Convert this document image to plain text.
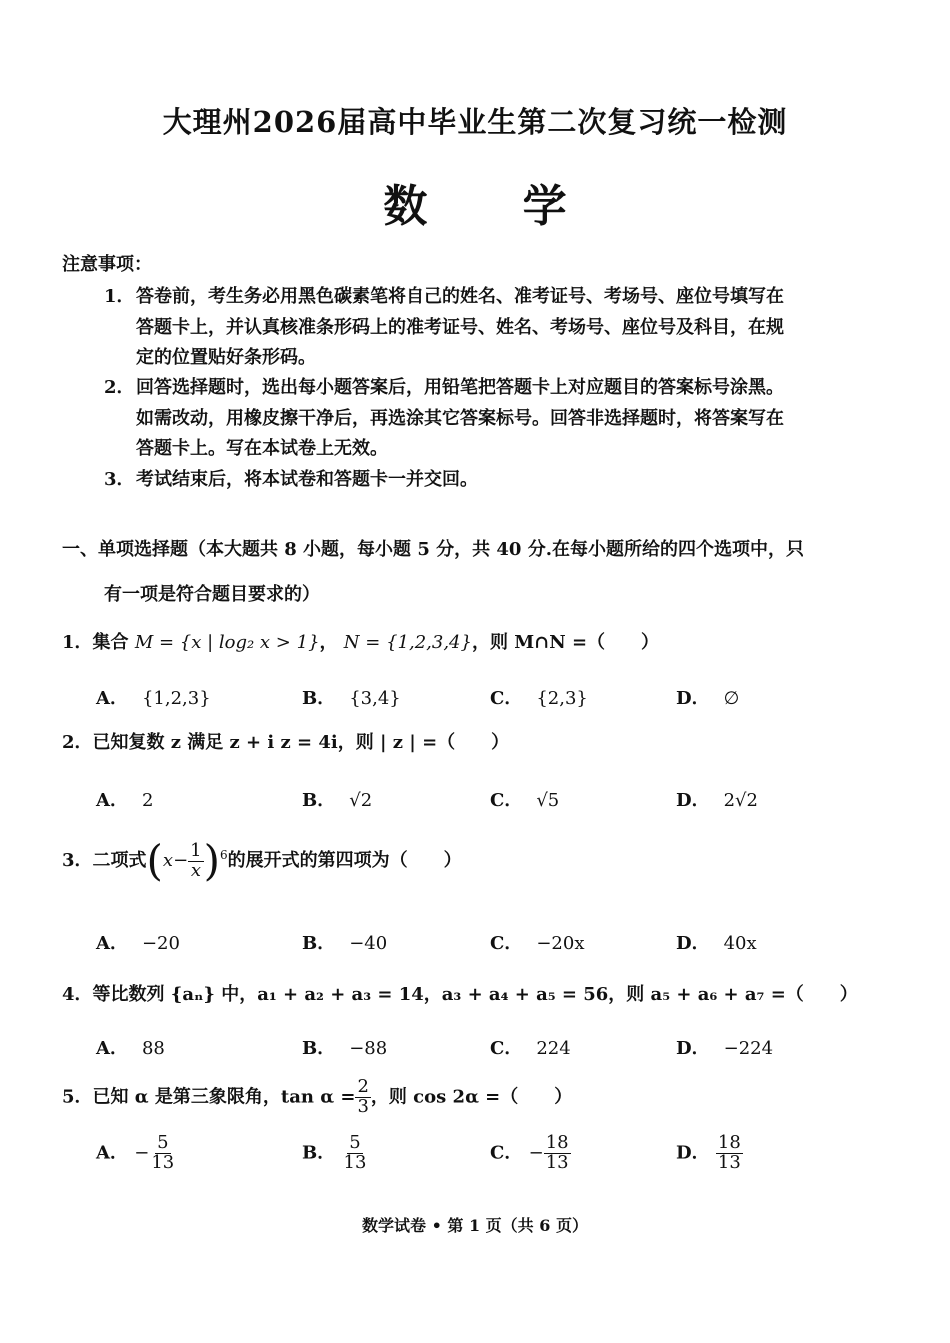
大理州2026届高中毕业生第二次复习统一检测
数 学
注意事项：
1． 答卷前，考生务必用黑色碳素笔将自己的姓名、准考证号、考场号、座位号填写在
答题卡上，并认真核准条形码上的准考证号、姓名、考场号、座位号及科目，在规
定的位置贴好条形码。
2． 回答选择题时，选出每小题答案后，用铅笔把答题卡上对应题目的答案标号涂黑。
如需改动，用橡皮擦干净后，再选涂其它答案标号。回答非选择题时，将答案写在
答题卡上。写在本试卷上无效。
3． 考试结束后，将本试卷和答题卡一并交回。
一、单项选择题（本大题共 8 小题，每小题 5 分，共 40 分.在每小题所给的四个选项中，只
有一项是符合题目要求的）
1．集合 M = {x | log₂ x > 1}， N = {1,2,3,4}，则 M∩N =（　　）
A． {1,2,3}	B． {3,4}	C． {2,3}	D． ∅
2．已知复数 z 满足 z + i z = 4i，则 | z | =（　　）
A． 2	B． √2	C． √5	D． 2√2
3．二项式$(x- \frac{1}{x} )^6$的展开式的第四项为（　　）
A． −20	B． −40	C． −20x	D． 40x
4．等比数列 {aₙ} 中，a₁ + a₂ + a₃ = 14，a₃ + a₄ + a₅ = 56，则 a₅ + a₆ + a₇ =（　　）
A． 88	B． −88	C． 224	D． −224
5．已知 α 是第三象限角，$\tan \alpha = \frac{2}{3}$ ，则 cos 2α =（　　）
A． − $\frac{5}{13}$	B． $\frac{5}{13}$	C． − $\frac{18}{13}$	D． $\frac{18}{13}$
数学试卷 • 第 1 页（共 6 页）
